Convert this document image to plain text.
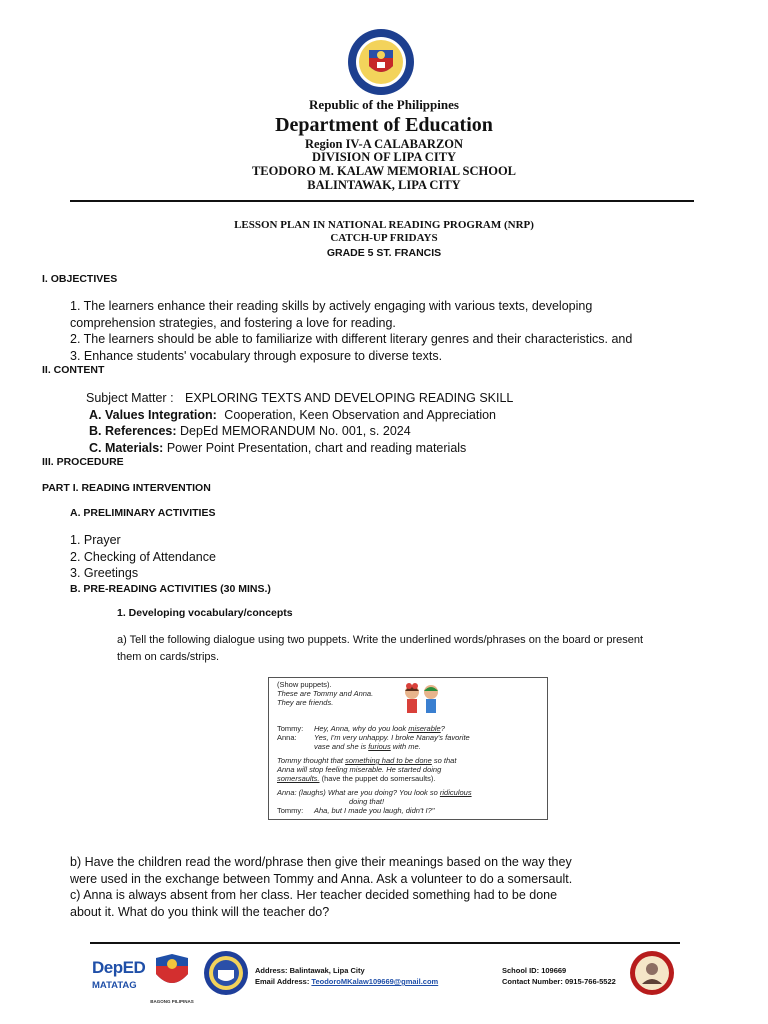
Republic of the Philippines
Department of Education
Region IV-A CALABARZON
DIVISION OF LIPA CITY
TEODORO M. KALAW MEMORIAL SCHOOL
BALINTAWAK, LIPA CITY
LESSON PLAN IN NATIONAL READING PROGRAM (NRP)
CATCH-UP FRIDAYS
GRADE 5 ST. FRANCIS
I. OBJECTIVES
1. The learners enhance their reading skills by actively engaging with various texts, developing
comprehension strategies, and fostering a love for reading.
2. The learners should be able to familiarize with different literary genres and their characteristics. and
3. Enhance students' vocabulary through exposure to diverse texts.
II. CONTENT
Subject Matter : EXPLORING TEXTS AND DEVELOPING READING SKILL
A. Values Integration: Cooperation, Keen Observation and Appreciation
B. References: DepEd MEMORANDUM No. 001, s. 2024
C. Materials: Power Point Presentation, chart and reading materials
III. PROCEDURE
PART I. READING INTERVENTION
A. PRELIMINARY ACTIVITIES
1. Prayer
2. Checking of Attendance
3. Greetings
B. PRE-READING ACTIVITIES (30 MINS.)
1. Developing vocabulary/concepts
a) Tell the following dialogue using two puppets. Write the underlined words/phrases on the board or present
them on cards/strips.
(Show puppets).
These are Tommy and Anna.
They are friends.
Tommy: Hey, Anna, why do you look miserable?
Anna: Yes, I'm very unhappy. I broke Nanay's favorite
vase and she is furious with me.
Tommy thought that something had to be done so that
Anna will stop feeling miserable. He started doing
somersaults. (have the puppet do somersaults).
Anna: (laughs) What are you doing? You look so ridiculous
doing that!
Tommy: Aha, but I made you laugh, didn't I?"
b) Have the children read the word/phrase then give their meanings based on the way they
were used in the exchange between Tommy and Anna. Ask a volunteer to do a somersault.
c) Anna is always absent from her class. Her teacher decided something had to be done
about it. What do you think will the teacher do?
DepED
MATATAG
BAGONG PILIPINAS
Address: Balintawak, Lipa City
Email Address: TeodoroMKalaw109669@gmail.com
School ID: 109669
Contact Number: 0915-766-5522
